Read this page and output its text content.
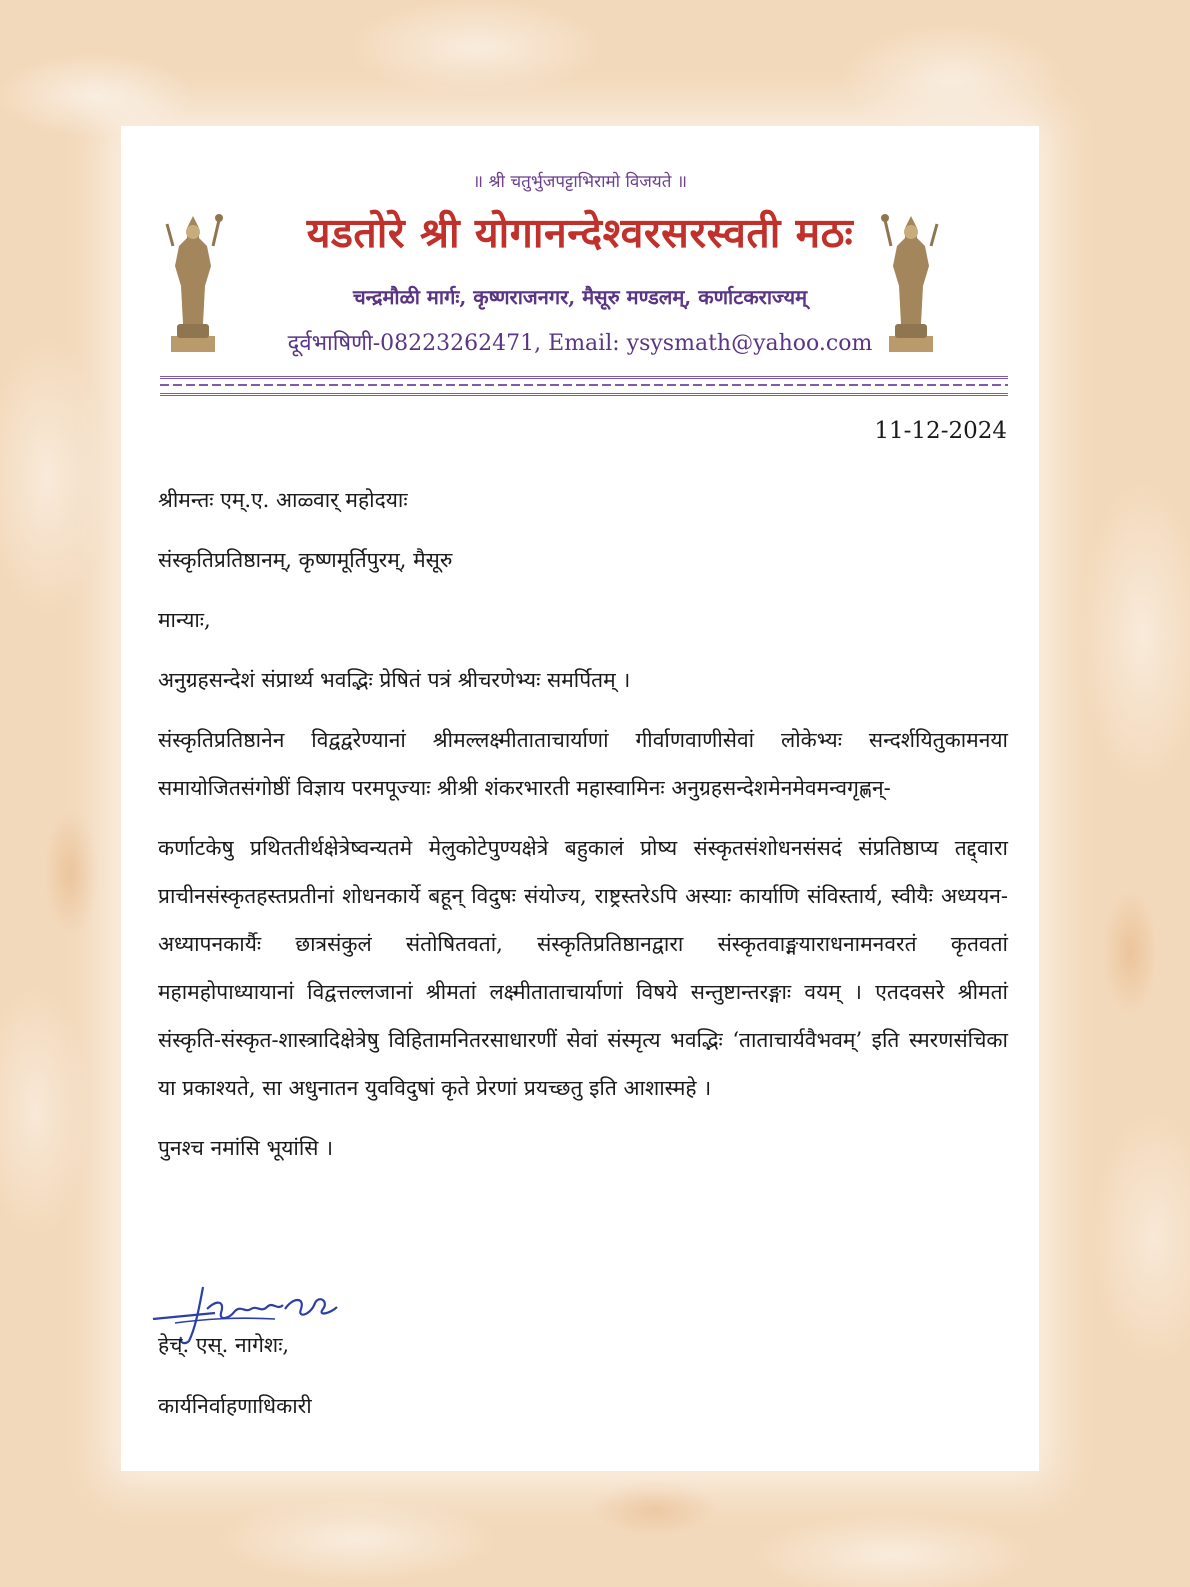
॥ श्री चतुर्भुजपट्टाभिरामो विजयते ॥
यडतोरे श्री योगानन्देश्वरसरस्वती मठः
चन्द्रमौळी मार्गः, कृष्णराजनगर, मैसूरु मण्डलम्, कर्णाटकराज्यम्
दूर्वभाषिणी-08223262471, Email: ysysmath@yahoo.com
11-12-2024

श्रीमन्तः एम्.ए. आळ्वार् महोदयाः

संस्कृतिप्रतिष्ठानम्, कृष्णमूर्तिपुरम्, मैसूरु

मान्याः,

अनुग्रहसन्देशं संप्रार्थ्य भवद्भिः प्रेषितं पत्रं श्रीचरणेभ्यः समर्पितम् ।

संस्कृतिप्रतिष्ठानेन विद्वद्वरेण्यानां श्रीमल्लक्ष्मीताताचार्याणां गीर्वाणवाणीसेवां लोकेभ्यः सन्दर्शयितुकामनया समायोजितसंगोष्ठीं विज्ञाय परमपूज्याः श्रीश्री शंकरभारती महास्वामिनः अनुग्रहसन्देशमेनमेवमन्वगृह्णन्-

कर्णाटकेषु प्रथिततीर्थक्षेत्रेष्वन्यतमे मेलुकोटेपुण्यक्षेत्रे बहुकालं प्रोष्य संस्कृतसंशोधनसंसदं संप्रतिष्ठाप्य तद्द्वारा प्राचीनसंस्कृतहस्तप्रतीनां शोधनकार्ये बहून् विदुषः संयोज्य, राष्ट्रस्तरेऽपि अस्याः कार्याणि संविस्तार्य, स्वीयैः अध्ययन-अध्यापनकार्यैः छात्रसंकुलं संतोषितवतां, संस्कृतिप्रतिष्ठानद्वारा संस्कृतवाङ्मयाराधनामनवरतं कृतवतां महामहोपाध्यायानां विद्वत्तल्लजानां श्रीमतां लक्ष्मीताताचार्याणां विषये सन्तुष्टान्तरङ्गाः वयम् । एतदवसरे श्रीमतां संस्कृति-संस्कृत-शास्त्रादिक्षेत्रेषु विहितामनितरसाधारणीं सेवां संस्मृत्य भवद्भिः ‘ताताचार्यवैभवम्’ इति स्मरणसंचिका या प्रकाश्यते, सा अधुनातन युवविदुषां कृते प्रेरणां प्रयच्छतु इति आशास्महे ।

पुनश्च नमांसि भूयांसि ।

हेच्. एस्. नागेशः,
कार्यनिर्वाहणाधिकारी
